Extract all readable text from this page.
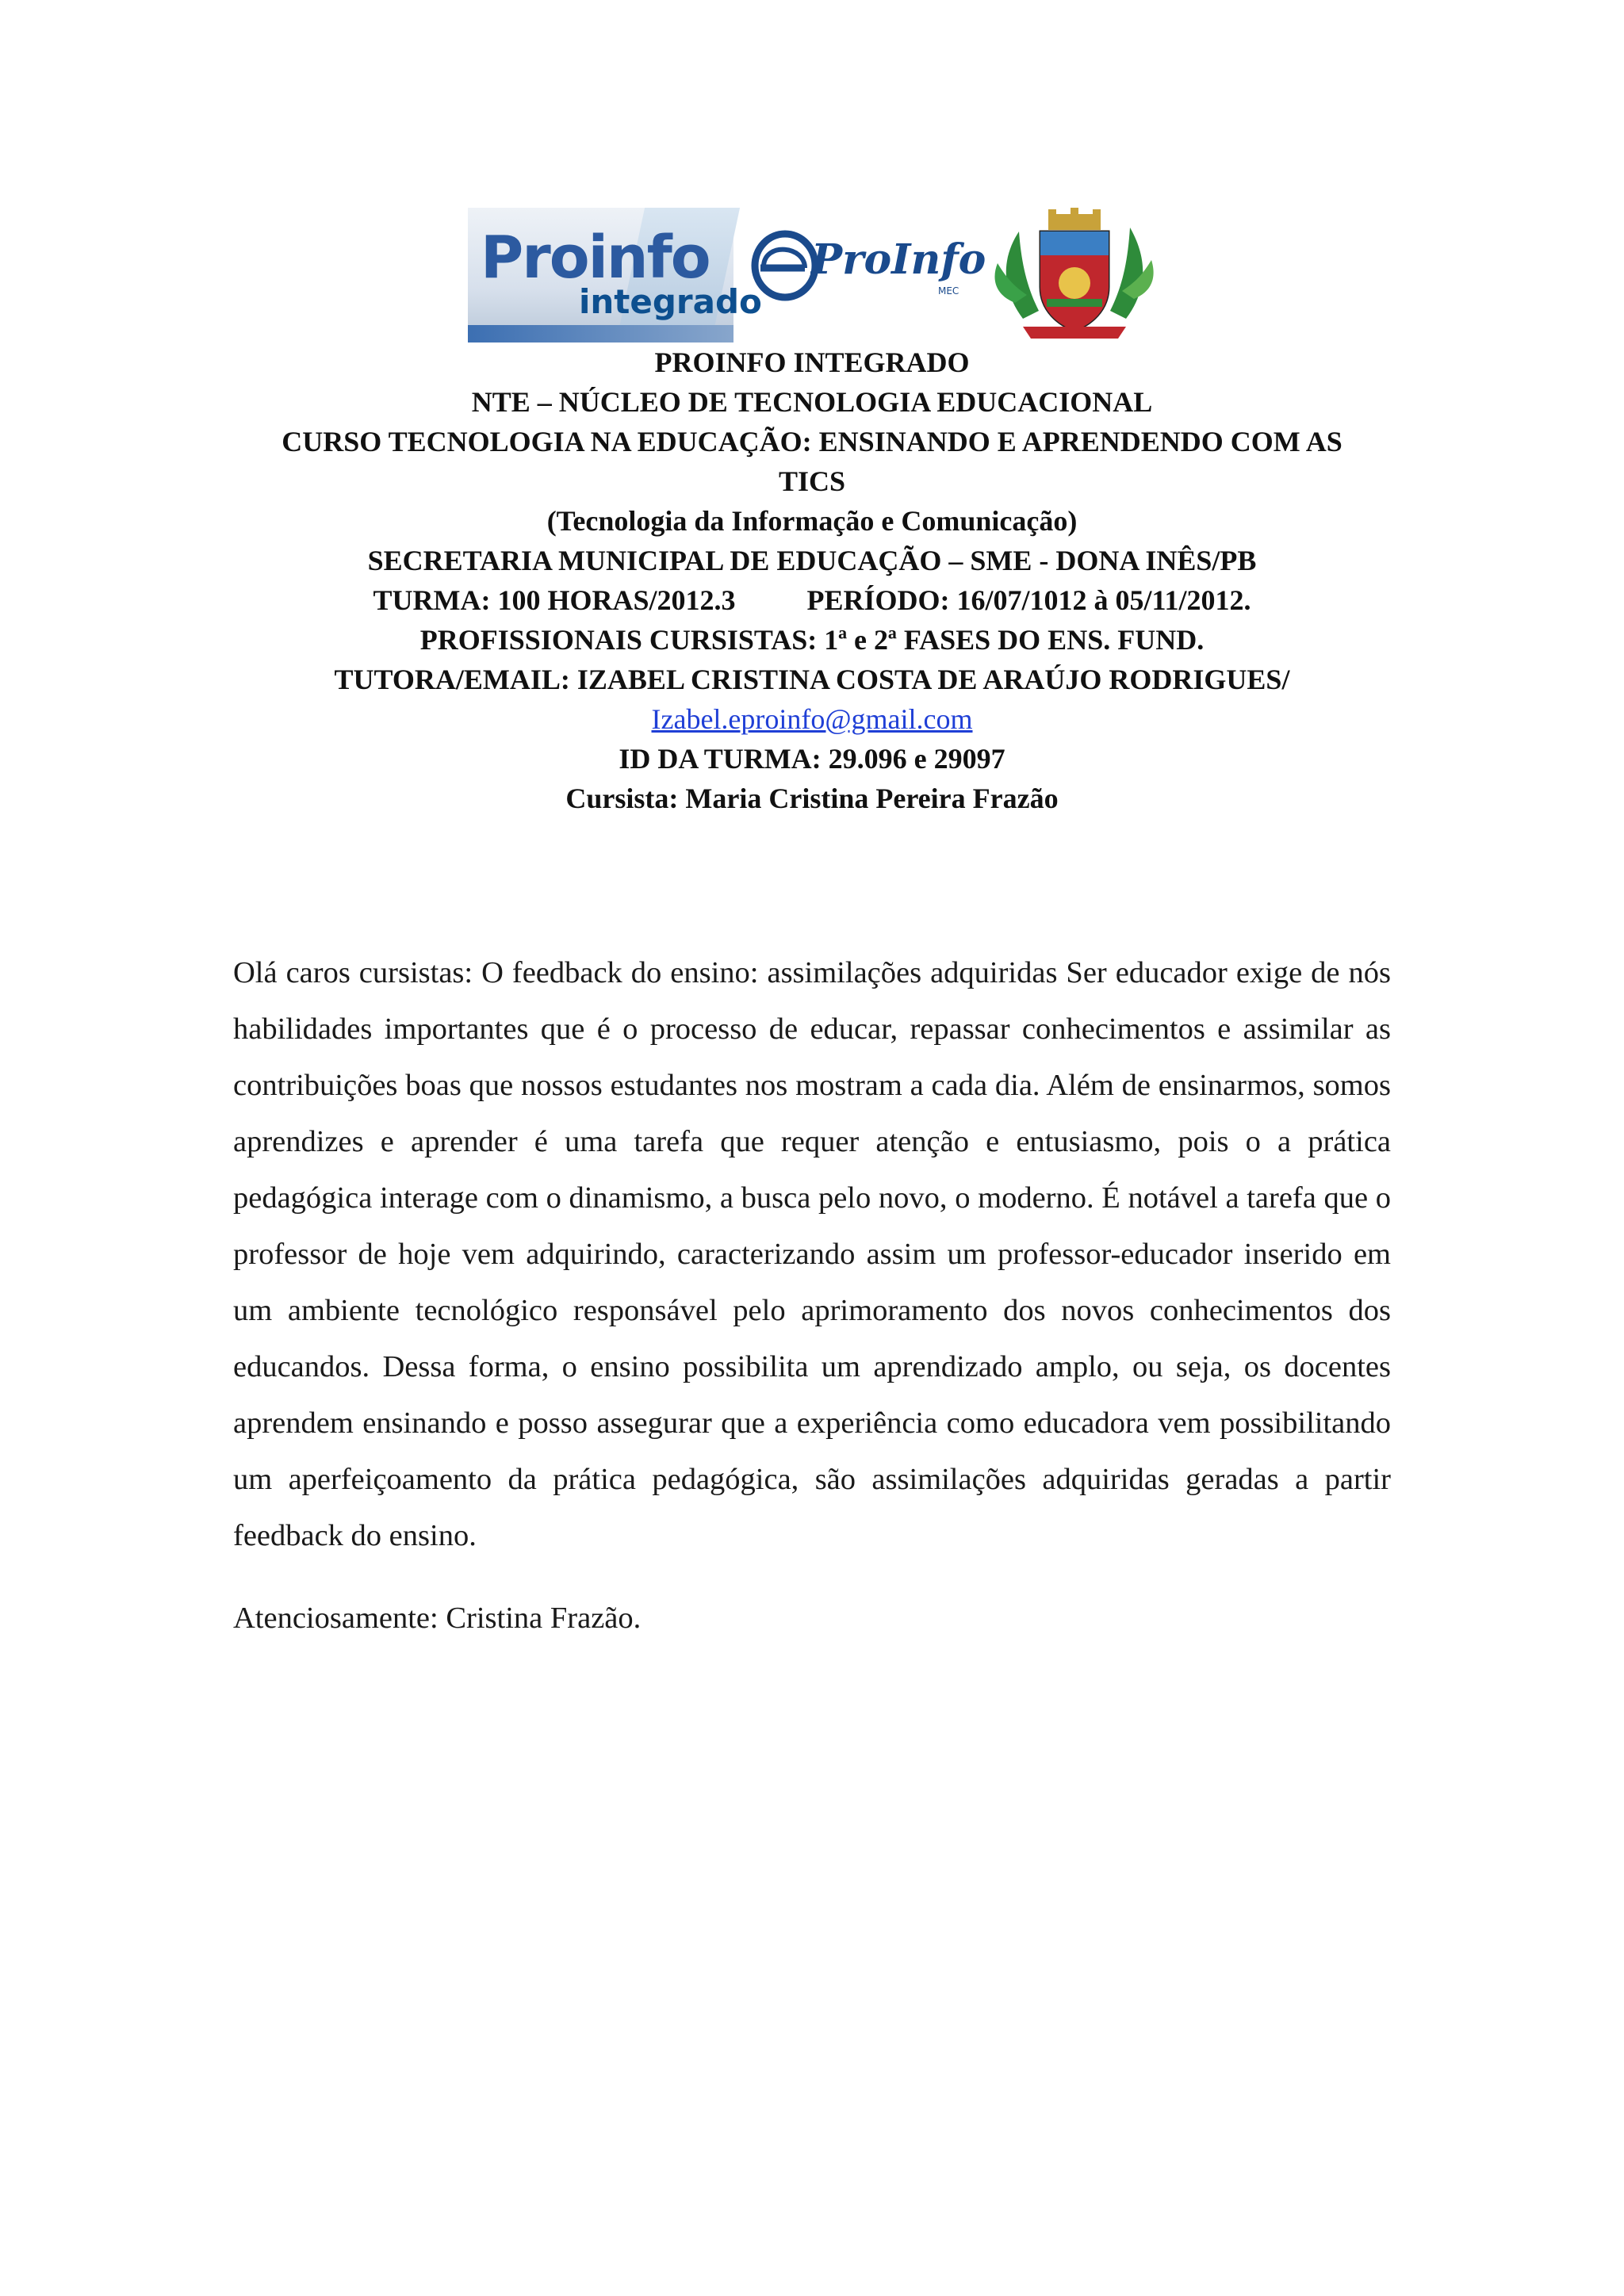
Proinfo
integrado
ProInfo
MEC
PROINFO INTEGRADO
NTE – NÚCLEO DE TECNOLOGIA EDUCACIONAL
CURSO TECNOLOGIA NA EDUCAÇÃO: ENSINANDO E APRENDENDO COM AS
TICS
(Tecnologia da Informação e Comunicação)
SECRETARIA MUNICIPAL DE EDUCAÇÃO – SME - DONA INÊS/PB
TURMA: 100 HORAS/2012.3	PERÍODO: 16/07/1012 à 05/11/2012.
PROFISSIONAIS CURSISTAS: 1ª e 2ª FASES DO ENS. FUND.
TUTORA/EMAIL: IZABEL CRISTINA COSTA DE ARAÚJO RODRIGUES/
Izabel.eproinfo@gmail.com
ID DA TURMA: 29.096 e 29097
Cursista: Maria Cristina Pereira Frazão
Olá caros cursistas: O feedback do ensino: assimilações adquiridas Ser educador exige de nós habilidades importantes que é o processo de educar, repassar conhecimentos e assimilar as contribuições boas que nossos estudantes nos mostram a cada dia. Além de ensinarmos, somos aprendizes e aprender é uma tarefa que requer atenção e entusiasmo, pois o a prática pedagógica interage com o dinamismo, a busca pelo novo, o moderno. É notável a tarefa que o professor de hoje vem adquirindo, caracterizando assim um professor-educador inserido em um ambiente tecnológico responsável pelo aprimoramento dos novos conhecimentos dos educandos. Dessa forma, o ensino possibilita um aprendizado amplo, ou seja, os docentes aprendem ensinando e posso assegurar que a experiência como educadora vem possibilitando um aperfeiçoamento da prática pedagógica, são assimilações adquiridas geradas a partir feedback do ensino.
Atenciosamente: Cristina Frazão.
